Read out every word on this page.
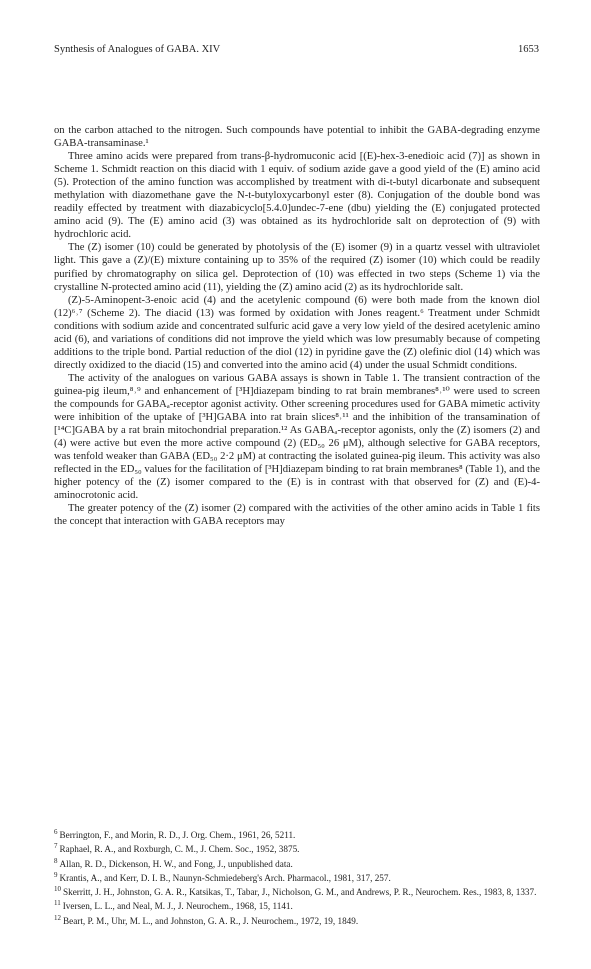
Synthesis of Analogues of GABA. XIV	1653

on the carbon attached to the nitrogen. Such compounds have potential to inhibit the GABA-degrading enzyme GABA-transaminase.¹

Three amino acids were prepared from trans-β-hydromuconic acid [(E)-hex-3-enedioic acid (7)] as shown in Scheme 1. Schmidt reaction on this diacid with 1 equiv. of sodium azide gave a good yield of the (E) amino acid (5). Protection of the amino function was accomplished by treatment with di-t-butyl dicarbonate and subsequent methylation with diazomethane gave the N-t-butyloxycarbonyl ester (8). Conjugation of the double bond was readily effected by treatment with diazabicyclo[5.4.0]undec-7-ene (dbu) yielding the (E) conjugated protected amino acid (9). The (E) amino acid (3) was obtained as its hydrochloride salt on deprotection of (9) with hydrochloric acid.

The (Z) isomer (10) could be generated by photolysis of the (E) isomer (9) in a quartz vessel with ultraviolet light. This gave a (Z)/(E) mixture containing up to 35% of the required (Z) isomer (10) which could be readily purified by chromatography on silica gel. Deprotection of (10) was effected in two steps (Scheme 1) via the crystalline N-protected amino acid (11), yielding the (Z) amino acid (2) as its hydrochloride salt.

(Z)-5-Aminopent-3-enoic acid (4) and the acetylenic compound (6) were both made from the known diol (12)⁶˒⁷ (Scheme 2). The diacid (13) was formed by oxidation with Jones reagent.⁶ Treatment under Schmidt conditions with sodium azide and concentrated sulfuric acid gave a very low yield of the desired acetylenic amino acid (6), and variations of conditions did not improve the yield which was low presumably because of competing additions to the triple bond. Partial reduction of the diol (12) in pyridine gave the (Z) olefinic diol (14) which was directly oxidized to the diacid (15) and converted into the amino acid (4) under the usual Schmidt conditions.

The activity of the analogues on various GABA assays is shown in Table 1. The transient contraction of the guinea-pig ileum,⁸˒⁹ and enhancement of [³H]diazepam binding to rat brain membranes⁸˒¹⁰ were used to screen the compounds for GABAₐ-receptor agonist activity. Other screening procedures used for GABA mimetic activity were inhibition of the uptake of [³H]GABA into rat brain slices⁸˒¹¹ and the inhibition of the transamination of [¹⁴C]GABA by a rat brain mitochondrial preparation.¹² As GABAₐ-receptor agonists, only the (Z) isomers (2) and (4) were active but even the more active compound (2) (ED₅₀ 26 μM), although selective for GABA receptors, was tenfold weaker than GABA (ED₅₀ 2·2 μM) at contracting the isolated guinea-pig ileum. This activity was also reflected in the ED₅₀ values for the facilitation of [³H]diazepam binding to rat brain membranes⁸ (Table 1), and the higher potency of the (Z) isomer compared to the (E) is in contrast with that observed for (Z) and (E)-4-aminocrotonic acid.

The greater potency of the (Z) isomer (2) compared with the activities of the other amino acids in Table 1 fits the concept that interaction with GABA receptors may

$^6$ Berrington, F., and Morin, R. D., J. Org. Chem., 1961, 26, 5211.

$^7$ Raphael, R. A., and Roxburgh, C. M., J. Chem. Soc., 1952, 3875.

$^8$ Allan, R. D., Dickenson, H. W., and Fong, J., unpublished data.

$^9$ Krantis, A., and Kerr, D. I. B., Naunyn-Schmiedeberg's Arch. Pharmacol., 1981, 317, 257.

$^{10}$ Skerritt, J. H., Johnston, G. A. R., Katsikas, T., Tabar, J., Nicholson, G. M., and Andrews, P. R., Neurochem. Res., 1983, 8, 1337.

$^{11}$ Iversen, L. L., and Neal, M. J., J. Neurochem., 1968, 15, 1141.

$^{12}$ Beart, P. M., Uhr, M. L., and Johnston, G. A. R., J. Neurochem., 1972, 19, 1849.
